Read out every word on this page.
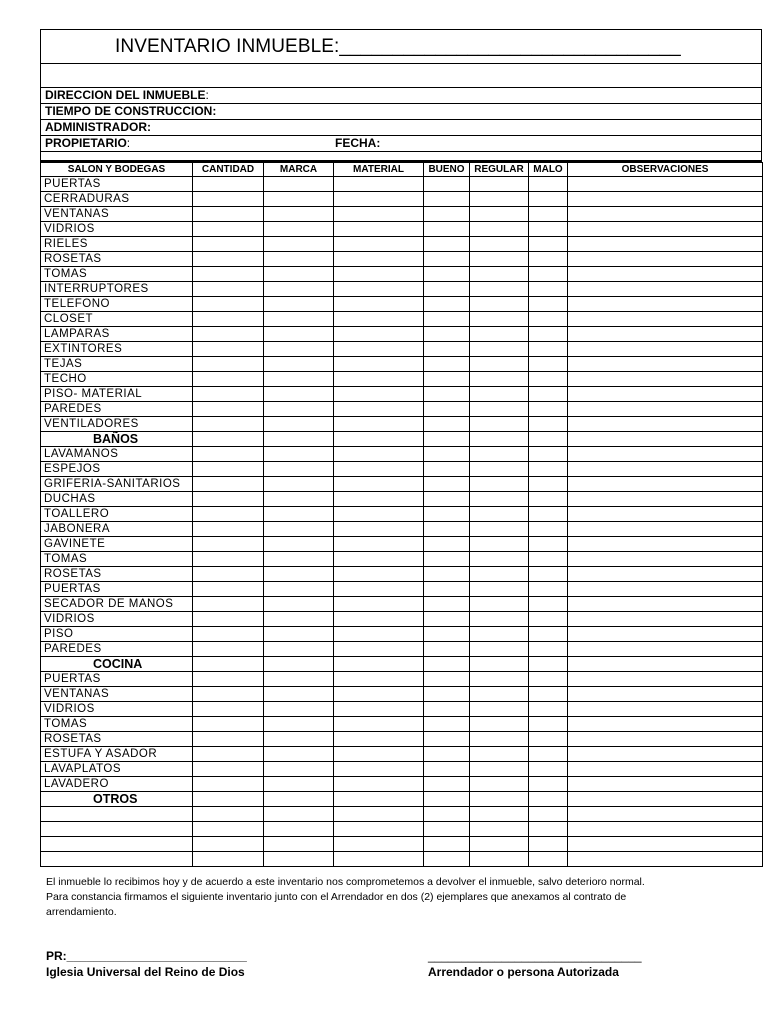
INVENTARIO INMUEBLE:________________________________
DIRECCION DEL INMUEBLE:
TIEMPO DE CONSTRUCCION:
ADMINISTRADOR:
PROPIETARIO:	FECHA:
SALON Y BODEGAS	CANTIDAD	MARCA	MATERIAL	BUENO	REGULAR	MALO	OBSERVACIONES
PUERTAS							
CERRADURAS							
VENTANAS							
VIDRIOS							
RIELES							
ROSETAS							
TOMAS							
INTERRUPTORES							
TELEFONO							
CLOSET							
LAMPARAS							
EXTINTORES							
TEJAS							
TECHO							
PISO- MATERIAL							
PAREDES							
VENTILADORES							
BAÑOS							
LAVAMANOS							
ESPEJOS							
GRIFERIA-SANITARIOS							
DUCHAS							
TOALLERO							
JABONERA							
GAVINETE							
TOMAS							
ROSETAS							
PUERTAS							
SECADOR DE MANOS							
VIDRIOS							
PISO							
PAREDES							
COCINA							
PUERTAS							
VENTANAS							
VIDRIOS							
TOMAS							
ROSETAS							
ESTUFA Y ASADOR							
LAVAPLATOS							
LAVADERO							
OTROS							

El inmueble lo recibimos hoy y de acuerdo a este inventario nos comprometemos a devolver el inmueble, salvo deterioro normal.
Para constancia firmamos el siguiente inventario junto con el Arrendador en dos (2) ejemplares que anexamos al contrato de
arrendamiento.
PR:___________________________
Iglesia Universal del Reino de Dios
________________________________
Arrendador o persona Autorizada
